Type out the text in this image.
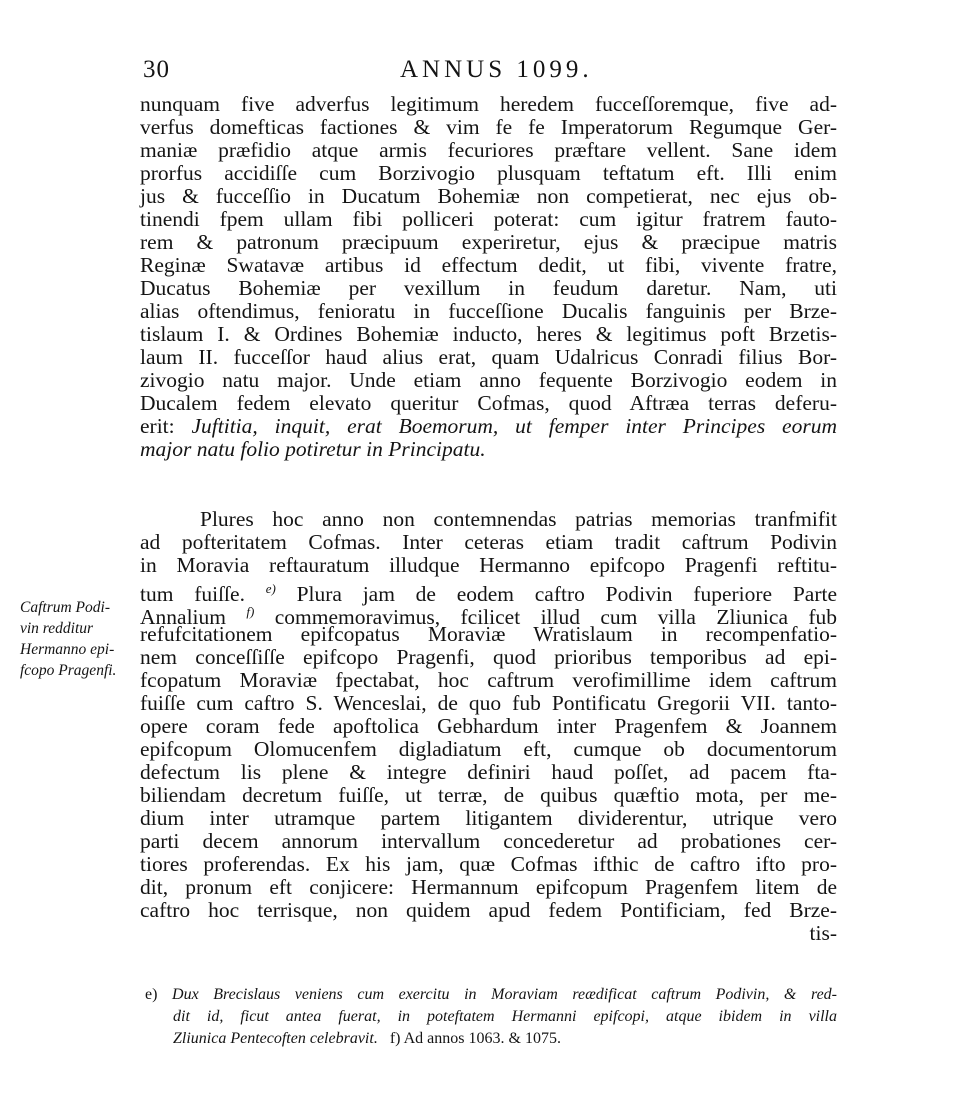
30	ANNUS 1099.
nunquam five adverfus legitimum heredem fucceſſoremque, five ad-
verfus domefticas factiones & vim fe fe Imperatorum Regumque Ger-
maniæ præfidio atque armis fecuriores præftare vellent. Sane idem
prorfus accidiſſe cum Borzivogio plusquam teftatum eft. Illi enim
jus & fucceſſio in Ducatum Bohemiæ non competierat, nec ejus ob-
tinendi fpem ullam fibi polliceri poterat: cum igitur fratrem fauto-
rem & patronum præcipuum experiretur, ejus & præcipue matris
Reginæ Swatavæ artibus id effectum dedit, ut fibi, vivente fratre,
Ducatus Bohemiæ per vexillum in feudum daretur. Nam, uti
alias oftendimus, fenioratu in fucceſſione Ducalis fanguinis per Brze-
tislaum I. & Ordines Bohemiæ inducto, heres & legitimus poft Brzetis-
laum II. fucceſſor haud alius erat, quam Udalricus Conradi filius Bor-
zivogio natu major. Unde etiam anno fequente Borzivogio eodem in
Ducalem fedem elevato queritur Cofmas, quod Aftræa terras deferu-
erit: Juftitia, inquit, erat Boemorum, ut femper inter Principes eorum
major natu folio potiretur in Principatu.
Plures hoc anno non contemnendas patrias memorias tranfmifit
ad pofteritatem Cofmas. Inter ceteras etiam tradit caftrum Podivin
in Moravia reftauratum illudque Hermanno epifcopo Pragenfi reftitu-
tum fuiſſe. $^{e)}$ Plura jam de eodem caftro Podivin fuperiore Parte
Annalium $^{f)}$ commemoravimus, fcilicet illud cum villa Zliunica fub
refufcitationem epifcopatus Moraviæ Wratislaum in recompenfatio-
nem conceſſiſſe epifcopo Pragenfi, quod prioribus temporibus ad epi-
fcopatum Moraviæ fpectabat, hoc caftrum verofimillime idem caftrum
fuiſſe cum caftro S. Wenceslai, de quo fub Pontificatu Gregorii VII. tanto-
opere coram fede apoftolica Gebhardum inter Pragenfem & Joannem
epifcopum Olomucenfem digladiatum eft, cumque ob documentorum
defectum lis plene & integre definiri haud poſſet, ad pacem fta-
biliendam decretum fuiſſe, ut terræ, de quibus quæftio mota, per me-
dium inter utramque partem litigantem dividerentur, utrique vero
parti decem annorum intervallum concederetur ad probationes cer-
tiores proferendas. Ex his jam, quæ Cofmas ifthic de caftro ifto pro-
dit, pronum eft conjicere: Hermannum epifcopum Pragenfem litem de
caftro hoc terrisque, non quidem apud fedem Pontificiam, fed Brze-
tis-
Caftrum Podi-
vin redditur
Hermanno epi-
fcopo Pragenfi.
e) Dux Brecislaus veniens cum exercitu in Moraviam reædificat caftrum Podivin, & red-
dit id, ficut antea fuerat, in poteftatem Hermanni epifcopi, atque ibidem in villa
Zliunica Pentecoften celebravit. f) Ad annos 1063. & 1075.
